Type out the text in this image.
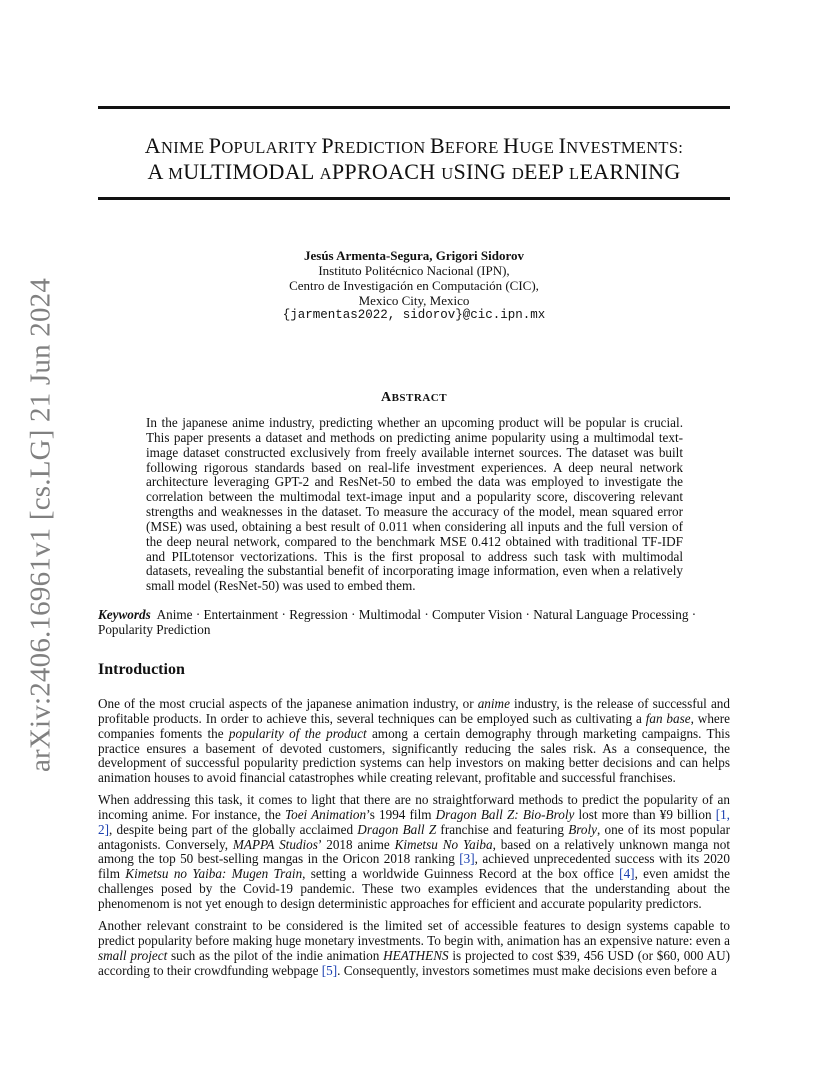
ANIME POPULARITY PREDICTION BEFORE HUGE INVESTMENTS:
A MULTIMODAL APPROACH USING DEEP LEARNING
Jesús Armenta-Segura, Grigori Sidorov
Instituto Politécnico Nacional (IPN),
Centro de Investigación en Computación (CIC),
Mexico City, Mexico
{jarmentas2022, sidorov}@cic.ipn.mx
ABSTRACT

In the japanese anime industry, predicting whether an upcoming product will be popular is crucial. This paper presents a dataset and methods on predicting anime popularity using a multimodal text-image dataset constructed exclusively from freely available internet sources. The dataset was built following rigorous standards based on real-life investment experiences. A deep neural network architecture leveraging GPT-2 and ResNet-50 to embed the data was employed to investigate the correlation between the multimodal text-image input and a popularity score, discovering relevant strengths and weaknesses in the dataset. To measure the accuracy of the model, mean squared error (MSE) was used, obtaining a best result of 0.011 when considering all inputs and the full version of the deep neural network, compared to the benchmark MSE 0.412 obtained with traditional TF-IDF and PILtotensor vectorizations. This is the first proposal to address such task with multimodal datasets, revealing the substantial benefit of incorporating image information, even when a relatively small model (ResNet-50) was used to embed them.

Keywords Anime · Entertainment · Regression · Multimodal · Computer Vision · Natural Language Processing · Popularity Prediction

Introduction

One of the most crucial aspects of the japanese animation industry, or anime industry, is the release of successful and profitable products. In order to achieve this, several techniques can be employed such as cultivating a fan base, where companies foments the popularity of the product among a certain demography through marketing campaigns. This practice ensures a basement of devoted customers, significantly reducing the sales risk. As a consequence, the development of successful popularity prediction systems can help investors on making better decisions and can helps animation houses to avoid financial catastrophes while creating relevant, profitable and successful franchises.

When addressing this task, it comes to light that there are no straightforward methods to predict the popularity of an incoming anime. For instance, the Toei Animation’s 1994 film Dragon Ball Z: Bio-Broly lost more than ¥9 billion [1, 2], despite being part of the globally acclaimed Dragon Ball Z franchise and featuring Broly, one of its most popular antagonists. Conversely, MAPPA Studios’ 2018 anime Kimetsu No Yaiba, based on a relatively unknown manga not among the top 50 best-selling mangas in the Oricon 2018 ranking [3], achieved unprecedented success with its 2020 film Kimetsu no Yaiba: Mugen Train, setting a worldwide Guinness Record at the box office [4], even amidst the challenges posed by the Covid-19 pandemic. These two examples evidences that the understanding about the phenomenom is not yet enough to design deterministic approaches for efficient and accurate popularity predictors.

Another relevant constraint to be considered is the limited set of accessible features to design systems capable to predict popularity before making huge monetary investments. To begin with, animation has an expensive nature: even a small project such as the pilot of the indie animation HEATHENS is projected to cost $39, 456 USD (or $60, 000 AU) according to their crowdfunding webpage [5]. Consequently, investors sometimes must make decisions even before a

arXiv:2406.16961v1 [cs.LG] 21 Jun 2024
